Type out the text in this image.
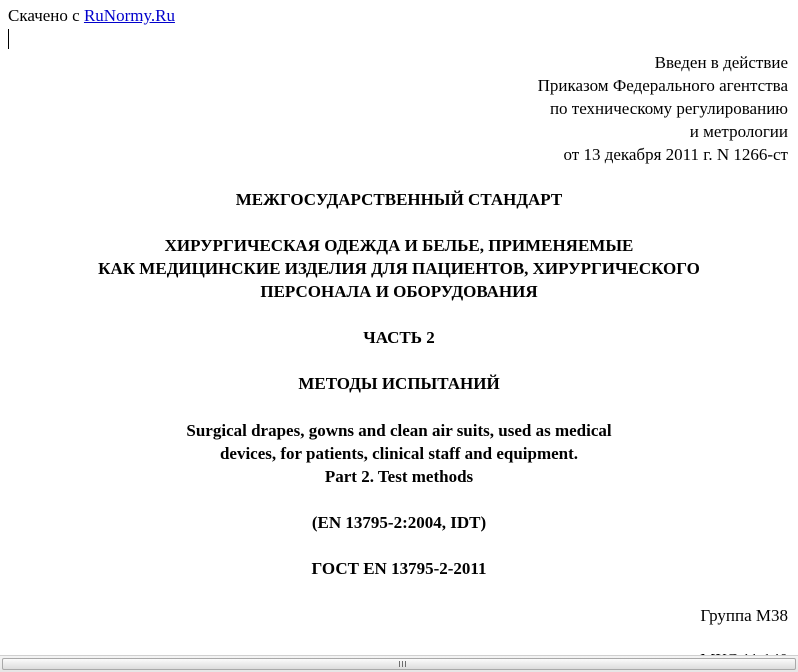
Скачено с RuNormy.Ru
Введен в действие
Приказом Федерального агентства
по техническому регулированию
и метрологии
от 13 декабря 2011 г. N 1266-ст
МЕЖГОСУДАРСТВЕННЫЙ СТАНДАРТ
ХИРУРГИЧЕСКАЯ ОДЕЖДА И БЕЛЬЕ, ПРИМЕНЯЕМЫЕ
КАК МЕДИЦИНСКИЕ ИЗДЕЛИЯ ДЛЯ ПАЦИЕНТОВ, ХИРУРГИЧЕСКОГО
ПЕРСОНАЛА И ОБОРУДОВАНИЯ
ЧАСТЬ 2
МЕТОДЫ ИСПЫТАНИЙ
Surgical drapes, gowns and clean air suits, used as medical
devices, for patients, clinical staff and equipment.
Part 2. Test methods
(EN 13795-2:2004, IDT)
ГОСТ EN 13795-2-2011
Группа М38
